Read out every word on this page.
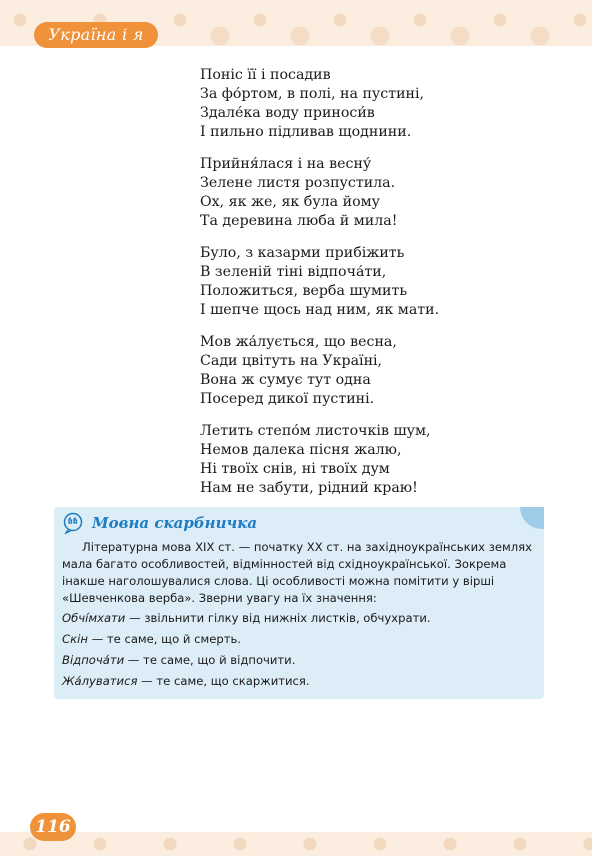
Україна і я
Поніс її і посадив
За фо́ртом, в полі, на пустині,
Здале́ка воду приноси́в
І пильно підливав щоднини.
Прийня́лася і на весну́
Зелене листя розпустила.
Ох, як же, як була йому
Та деревина люба й мила!
Було, з казарми прибіжить
В зеленій тіні відпоча́ти,
Положиться, верба шумить
І шепче щось над ним, як мати.
Мов жа́лується, що весна,
Сади цвітуть на Україні,
Вона ж сумує тут одна
Посеред дикої пустині.
Летить степо́м листочків шум,
Немов далека пісня жалю,
Ні твоїх снів, ні твоїх дум
Нам не забути, рідний краю!
Мовна скарбничка

Літературна мова ХІХ ст. — початку ХХ ст. на західноукраїнських землях мала багато особливостей, відмінностей від східноукраїнської. Зокрема інакше наголошувалися слова. Ці особливості можна помітити у вірші «Шевченкова верба». Зверни увагу на їх значення:

Обчі́мхати — звільнити гілку від нижніх листків, обчухрати.

Скін — те саме, що й смерть.

Відпоча́ти — те саме, що й відпочити.

Жа́луватися — те саме, що скаржитися.

116
